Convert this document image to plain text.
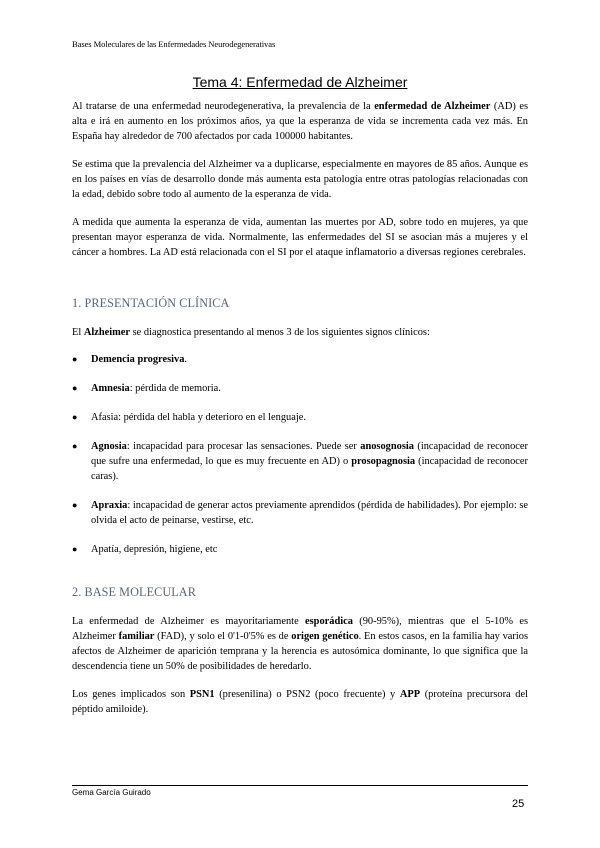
Bases Moleculares de las Enfermedades Neurodegenerativas
Tema 4: Enfermedad de Alzheimer

Al tratarse de una enfermedad neurodegenerativa, la prevalencia de la enfermedad de Alzheimer (AD) es alta e irá en aumento en los próximos años, ya que la esperanza de vida se incrementa cada vez más. En España hay alrededor de 700 afectados por cada 100000 habitantes.

Se estima que la prevalencia del Alzheimer va a duplicarse, especialmente en mayores de 85 años. Aunque es en los países en vías de desarrollo donde más aumenta esta patología entre otras patologías relacionadas con la edad, debido sobre todo al aumento de la esperanza de vida.

A medida que aumenta la esperanza de vida, aumentan las muertes por AD, sobre todo en mujeres, ya que presentan mayor esperanza de vida. Normalmente, las enfermedades del SI se asocian más a mujeres y el cáncer a hombres. La AD está relacionada con el SI por el ataque inflamatorio a diversas regiones cerebrales.

1. PRESENTACIÓN CLÍNICA

El Alzheimer se diagnostica presentando al menos 3 de los siguientes signos clínicos:

● Demencia progresiva.
● Amnesia: pérdida de memoria.
● Afasia: pérdida del habla y deterioro en el lenguaje.
● Agnosia: incapacidad para procesar las sensaciones. Puede ser anosognosia (incapacidad de reconocer que sufre una enfermedad, lo que es muy frecuente en AD) o prosopagnosia (incapacidad de reconocer caras).
● Apraxia: incapacidad de generar actos previamente aprendidos (pérdida de habilidades). Por ejemplo: se olvida el acto de peinarse, vestirse, etc.
● Apatía, depresión, higiene, etc
2. BASE MOLECULAR

La enfermedad de Alzheimer es mayoritariamente esporádica (90-95%), mientras que el 5-10% es Alzheimer familiar (FAD), y solo el 0'1-0'5% es de origen genético. En estos casos, en la familia hay varios afectos de Alzheimer de aparición temprana y la herencia es autosómica dominante, lo que significa que la descendencia tiene un 50% de posibilidades de heredarlo.

Los genes implicados son PSN1 (presenilina) o PSN2 (poco frecuente) y APP (proteína precursora del péptido amiloide).

Gema García Guirado
25
